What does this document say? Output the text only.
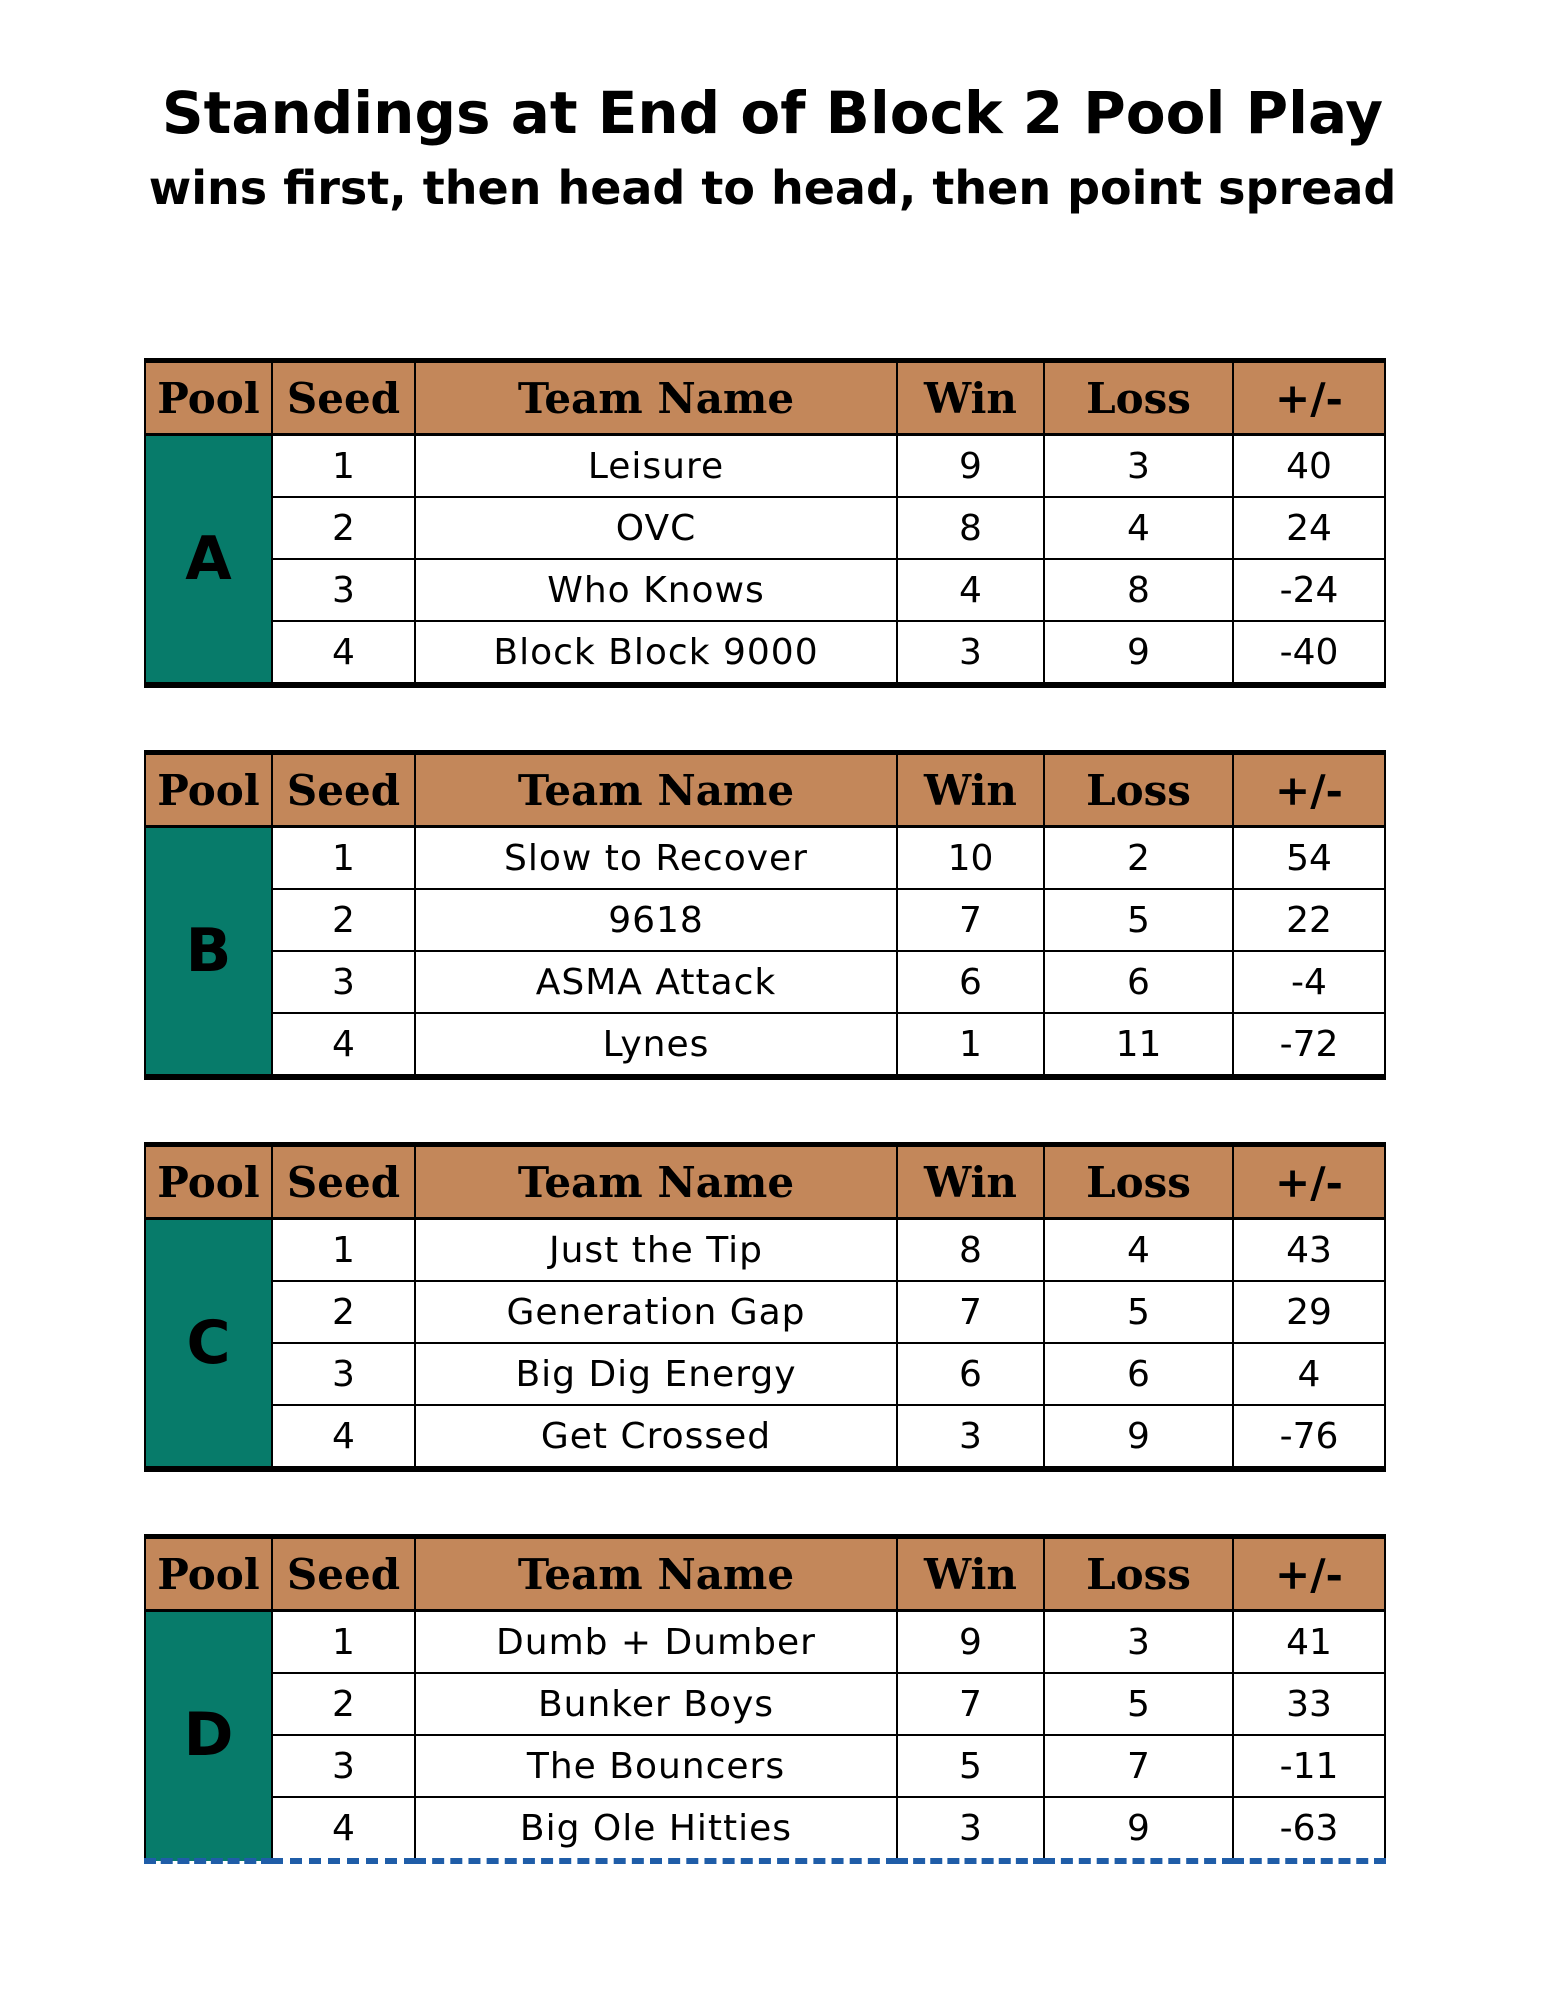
Standings at End of Block 2 Pool Play
wins first, then head to head, then point spread
Pool	Seed	Team Name	Win	Loss	+/-
A	1	Leisure	9	3	40
	2	OVC	8	4	24
	3	Who Knows	4	8	-24
	4	Block Block 9000	3	9	-40
Pool	Seed	Team Name	Win	Loss	+/-
B	1	Slow to Recover	10	2	54
	2	9618	7	5	22
	3	ASMA Attack	6	6	-4
	4	Lynes	1	11	-72
Pool	Seed	Team Name	Win	Loss	+/-
C	1	Just the Tip	8	4	43
	2	Generation Gap	7	5	29
	3	Big Dig Energy	6	6	4
	4	Get Crossed	3	9	-76
Pool	Seed	Team Name	Win	Loss	+/-
D	1	Dumb + Dumber	9	3	41
	2	Bunker Boys	7	5	33
	3	The Bouncers	5	7	-11
	4	Big Ole Hitties	3	9	-63
